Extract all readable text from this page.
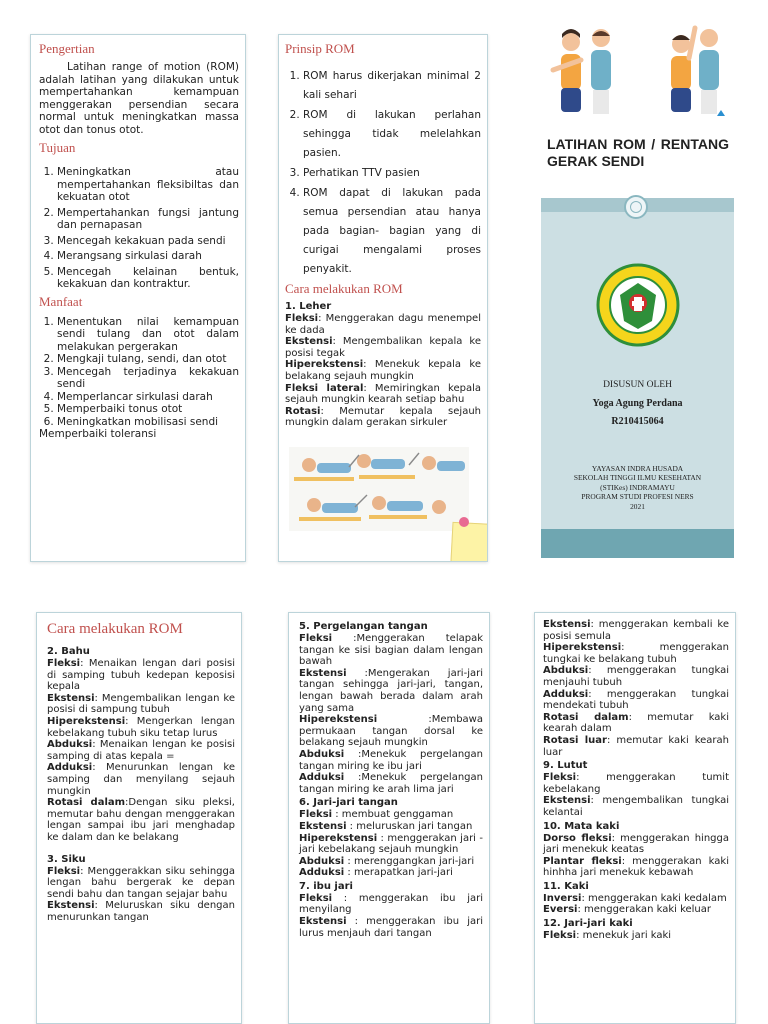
Pengertian

Latihan range of motion (ROM) adalah latihan yang dilakukan untuk mempertahankan kemampuan menggerakan persendian secara normal untuk meningkatkan massa otot dan tonus otot.

Tujuan
1. Meningkatkan atau mempertahankan fleksibiltas dan kekuatan otot
2. Mempertahankan fungsi jantung dan pernapasan
3. Mencegah kekakuan pada sendi
4. Merangsang sirkulasi darah
5. Mencegah kelainan bentuk, kekakuan dan kontraktur.
Manfaat
1. Menentukan nilai kemampuan sendi tulang dan otot dalam melakukan pergerakan
2. Mengkaji tulang, sendi, dan otot
3. Mencegah terjadinya kekakuan sendi
4. Memperlancar sirkulasi darah
5. Memperbaiki tonus otot
6. Meningkatkan mobilisasi sendi

Memperbaiki toleransi

Prinsip ROM
1. ROM harus dikerjakan minimal 2 kali sehari
2. ROM di lakukan perlahan sehingga tidak melelahkan pasien.
3. Perhatikan TTV pasien
4. ROM dapat di lakukan pada semua persendian atau hanya pada bagian- bagian yang di curigai mengalami proses penyakit.
Cara melakukan ROM
1. Leher

Fleksi: Menggerakan dagu menempel ke dada

Ekstensi: Mengembalikan kepala ke posisi tegak

Hiperekstensi: Menekuk kepala ke belakang sejauh mungkin

Fleksi lateral: Memiringkan kepala sejauh mungkin kearah setiap bahu

Rotasi: Memutar kepala sejauh mungkin dalam gerakan sirkuler

LATIHAN ROM / RENTANG GERAK SENDI
DISUSUN OLEH
Yoga Agung Perdana
R210415064
YAYASAN INDRA HUSADA
SEKOLAH TINGGI ILMU KESEHATAN
(STIKes) INDRAMAYU
PROGRAM STUDI PROFESI NERS
2021
Cara melakukan ROM
2. Bahu

Fleksi: Menaikan lengan dari posisi di samping tubuh kedepan keposisi kepala

Ekstensi: Mengembalikan lengan ke posisi di sampung tubuh

Hiperekstensi: Mengerkan lengan kebelakang tubuh siku tetap lurus

Abduksi: Menaikan lengan ke posisi samping di atas kepala =

Adduksi: Menurunkan lengan ke samping dan menyilang sejauh mungkin

Rotasi dalam:Dengan siku pleksi, memutar bahu dengan menggerakan lengan sampai ibu jari menghadap ke dalam dan ke belakang

3. Siku

Fleksi: Menggerakkan siku sehingga lengan bahu bergerak ke depan sendi bahu dan tangan sejajar bahu

Ekstensi: Meluruskan siku dengan menurunkan tangan

5. Pergelangan tangan

Fleksi :Menggerakan telapak tangan ke sisi bagian dalam lengan bawah

Ekstensi :Mengerakan jari-jari tangan sehingga jari-jari, tangan, lengan bawah berada dalam arah yang sama

Hiperekstensi :Membawa permukaan tangan dorsal ke belakang sejauh mungkin

Abduksi :Menekuk pergelangan tangan miring ke ibu jari

Adduksi :Menekuk pergelangan tangan miring ke arah lima jari

6. Jari-jari tangan

Fleksi : membuat genggaman

Ekstensi : meluruskan jari tangan

Hiperekstensi : menggerakan jari -jari kebelakang sejauh mungkin

Abduksi : merenggangkan jari-jari

Adduksi : merapatkan jari-jari

7. ibu jari

Fleksi : menggerakan ibu jari menyilang

Ekstensi : menggerakan ibu jari lurus menjauh dari tangan

Ekstensi: menggerakan kembali ke posisi semula

Hiperekstensi: menggerakan tungkai ke belakang tubuh

Abduksi: menggerakan tungkai menjauhi tubuh

Adduksi: menggerakan tungkai mendekati tubuh

Rotasi dalam: memutar kaki kearah dalam

Rotasi luar: memutar kaki kearah luar

9. Lutut

Fleksi: menggerakan tumit kebelakang

Ekstensi: mengembalikan tungkai kelantai

10. Mata kaki

Dorso fleksi: menggerakan hingga jari menekuk keatas

Plantar fleksi: menggerakan kaki hinhha jari menekuk kebawah

11. Kaki

Inversi: menggerakan kaki kedalam

Eversi: menggerakan kaki keluar

12. Jari-jari kaki

Fleksi: menekuk jari kaki
